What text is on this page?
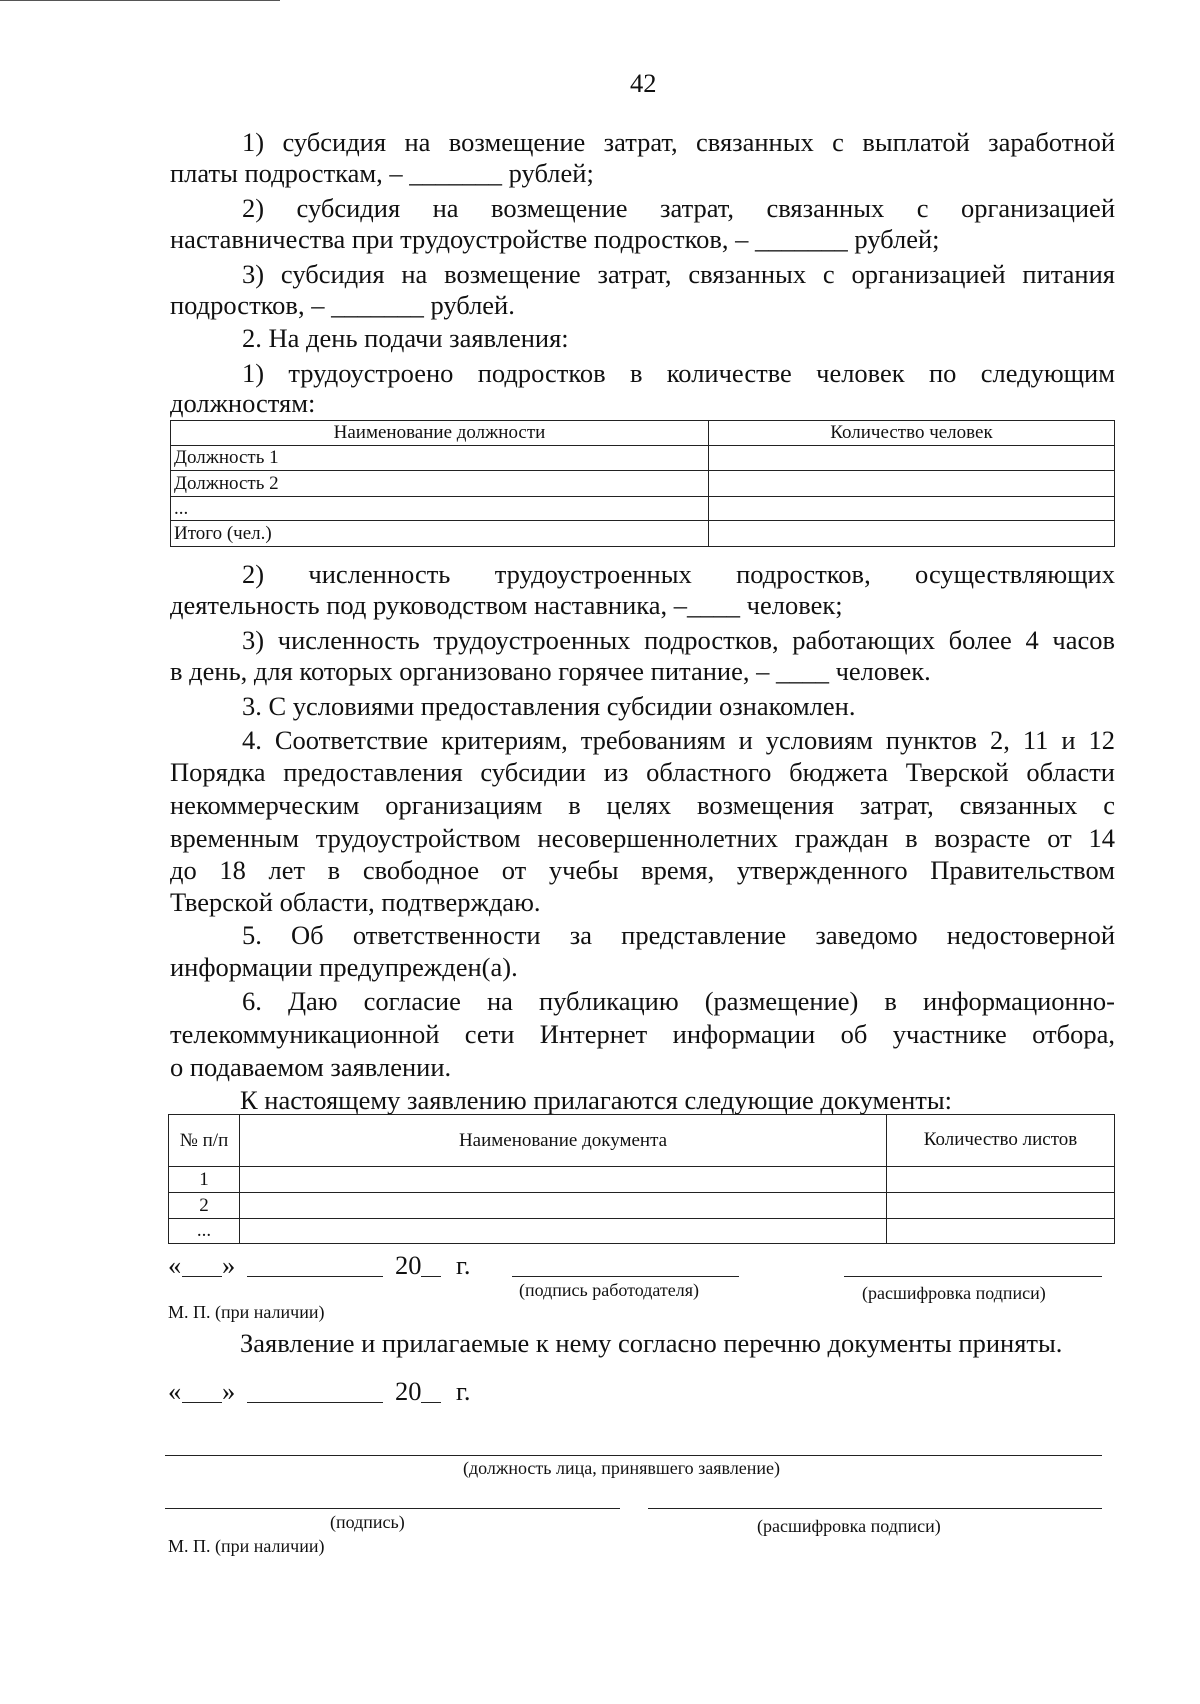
42
1) субсидия на возмещение затрат, связанных с выплатой заработной
платы подросткам, – _______ рублей;
2) субсидия на возмещение затрат, связанных с организацией
наставничества при трудоустройстве подростков, – _______ рублей;
3) субсидия на возмещение затрат, связанных с организацией питания
подростков, – _______ рублей.
2. На день подачи заявления:
1) трудоустроено подростков в количестве человек по следующим
должностям:
Наименование должности	Количество человек
Должность 1	
Должность 2	
...	
Итого (чел.)	
2) численность трудоустроенных подростков, осуществляющих
деятельность под руководством наставника, –____ человек;
3) численность трудоустроенных подростков, работающих более 4 часов
в день, для которых организовано горячее питание, – ____ человек.
3. С условиями предоставления субсидии ознакомлен.
4. Соответствие критериям, требованиям и условиям пунктов 2, 11 и 12
Порядка предоставления субсидии из областного бюджета Тверской области
некоммерческим организациям в целях возмещения затрат, связанных с
временным трудоустройством несовершеннолетних граждан в возрасте от 14
до 18 лет в свободное от учебы время, утвержденного Правительством
Тверской области, подтверждаю.
5. Об ответственности за представление заведомо недостоверной
информации предупрежден(а).
6. Даю согласие на публикацию (размещение) в информационно-
телекоммуникационной сети Интернет информации об участнике отбора,
о подаваемом заявлении.
К настоящему заявлению прилагаются следующие документы:
№ п/п	Наименование документа	Количество листов
1		
2		
...		
« »	20 г.
(подпись работодателя)	(расшифровка подписи)
М. П. (при наличии)
Заявление и прилагаемые к нему согласно перечню документы приняты.
« »	20 г.
(должность лица, принявшего заявление)
(подпись)	(расшифровка подписи)
М. П. (при наличии)
